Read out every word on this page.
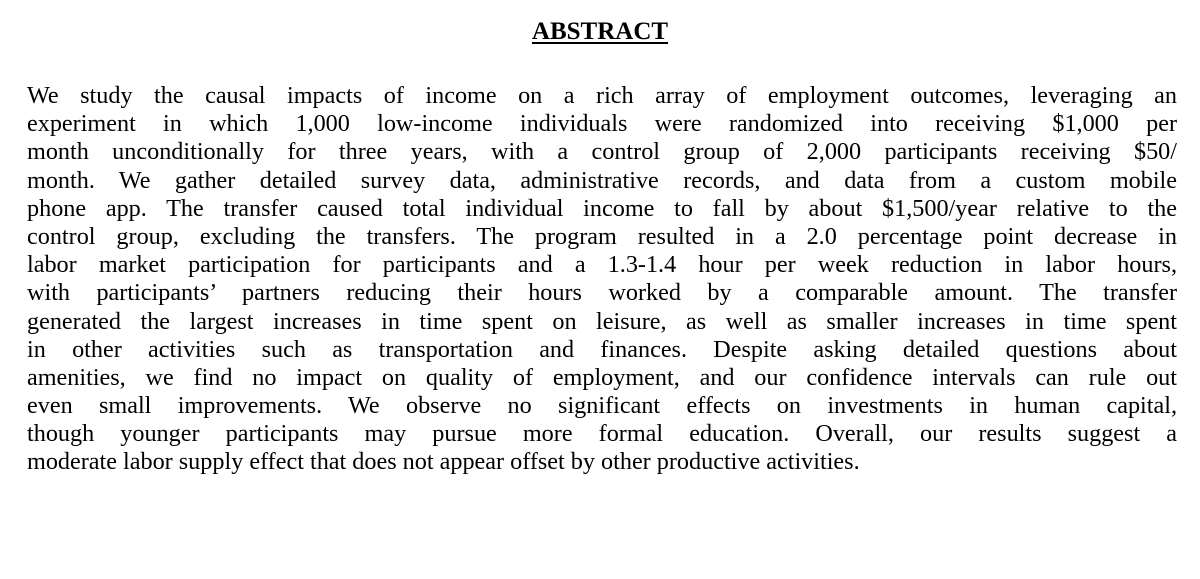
ABSTRACT
We study the causal impacts of income on a rich array of employment outcomes, leveraging an
experiment in which 1,000 low-income individuals were randomized into receiving $1,000 per
month unconditionally for three years, with a control group of 2,000 participants receiving $50/
month. We gather detailed survey data, administrative records, and data from a custom mobile
phone app. The transfer caused total individual income to fall by about $1,500/year relative to the
control group, excluding the transfers. The program resulted in a 2.0 percentage point decrease in
labor market participation for participants and a 1.3-1.4 hour per week reduction in labor hours,
with participants’ partners reducing their hours worked by a comparable amount. The transfer
generated the largest increases in time spent on leisure, as well as smaller increases in time spent
in other activities such as transportation and finances. Despite asking detailed questions about
amenities, we find no impact on quality of employment, and our confidence intervals can rule out
even small improvements. We observe no significant effects on investments in human capital,
though younger participants may pursue more formal education. Overall, our results suggest a
moderate labor supply effect that does not appear offset by other productive activities.
